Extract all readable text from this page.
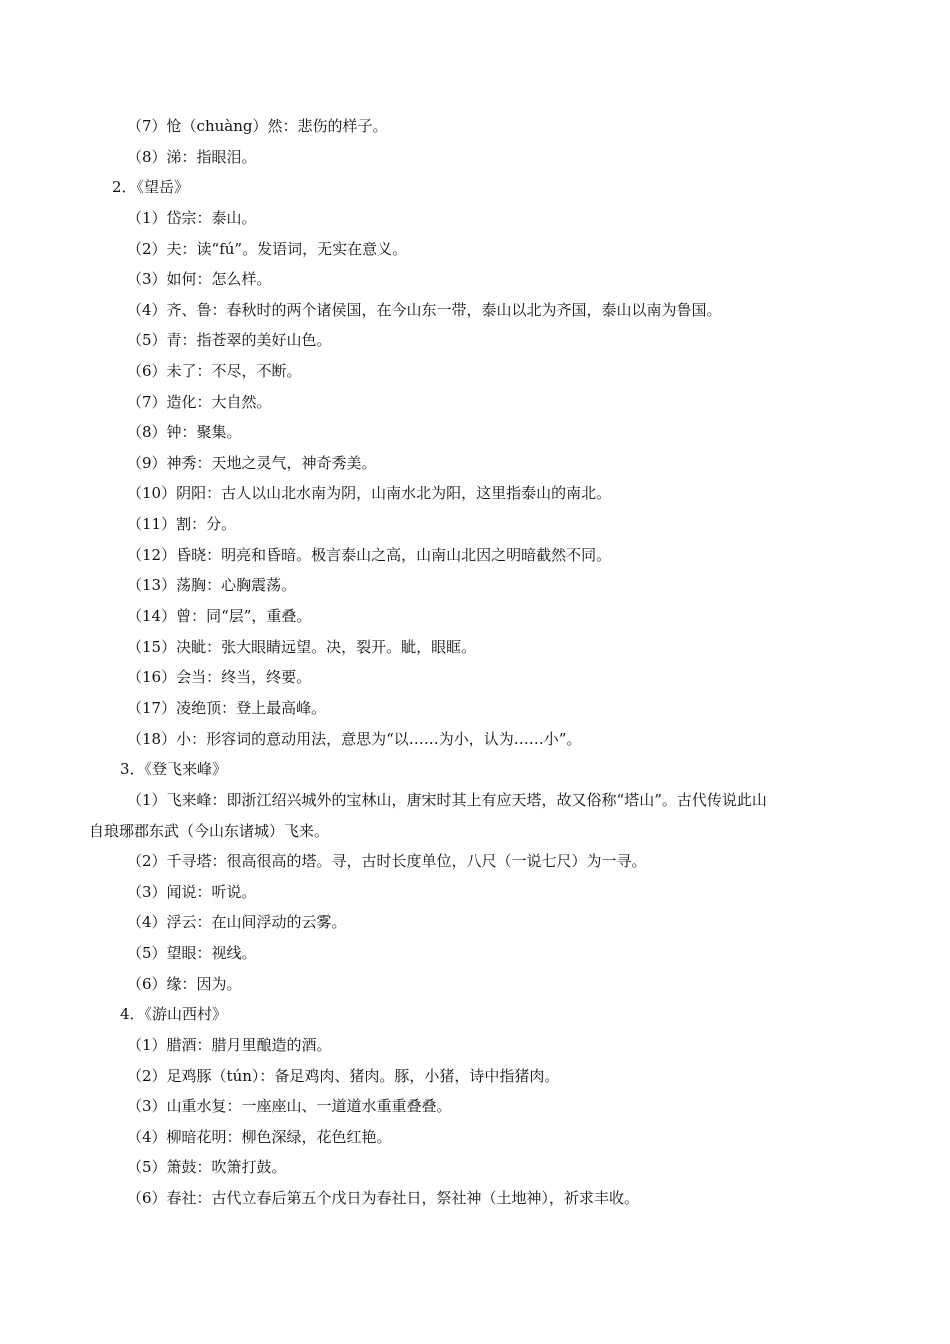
（7）怆（chuàng）然：悲伤的样子。
（8）涕：指眼泪。
2．《望岳》
（1）岱宗：泰山。
（2）夫：读“fú”。发语词，无实在意义。
（3）如何：怎么样。
（4）齐、鲁：春秋时的两个诸侯国，在今山东一带，泰山以北为齐国，泰山以南为鲁国。
（5）青：指苍翠的美好山色。
（6）未了：不尽，不断。
（7）造化：大自然。
（8）钟：聚集。
（9）神秀：天地之灵气，神奇秀美。
（10）阴阳：古人以山北水南为阴，山南水北为阳，这里指泰山的南北。
（11）割：分。
（12）昏晓：明亮和昏暗。极言泰山之高，山南山北因之明暗截然不同。
（13）荡胸：心胸震荡。
（14）曾：同“层”，重叠。
（15）决眦：张大眼睛远望。决，裂开。眦，眼眶。
（16）会当：终当，终要。
（17）凌绝顶：登上最高峰。
（18）小：形容词的意动用法，意思为“以……为小，认为……小”。
3．《登飞来峰》
（1）飞来峰：即浙江绍兴城外的宝林山，唐宋时其上有应天塔，故又俗称“塔山”。古代传说此山
自琅琊郡东武（今山东诸城）飞来。
（2）千寻塔：很高很高的塔。寻，古时长度单位，八尺（一说七尺）为一寻。
（3）闻说：听说。
（4）浮云：在山间浮动的云雾。
（5）望眼：视线。
（6）缘：因为。
4．《游山西村》
（1）腊酒：腊月里酿造的酒。
（2）足鸡豚（tún）：备足鸡肉、猪肉。豚，小猪，诗中指猪肉。
（3）山重水复：一座座山、一道道水重重叠叠。
（4）柳暗花明：柳色深绿，花色红艳。
（5）箫鼓：吹箫打鼓。
（6）春社：古代立春后第五个戊日为春社日，祭社神（土地神），祈求丰收。
